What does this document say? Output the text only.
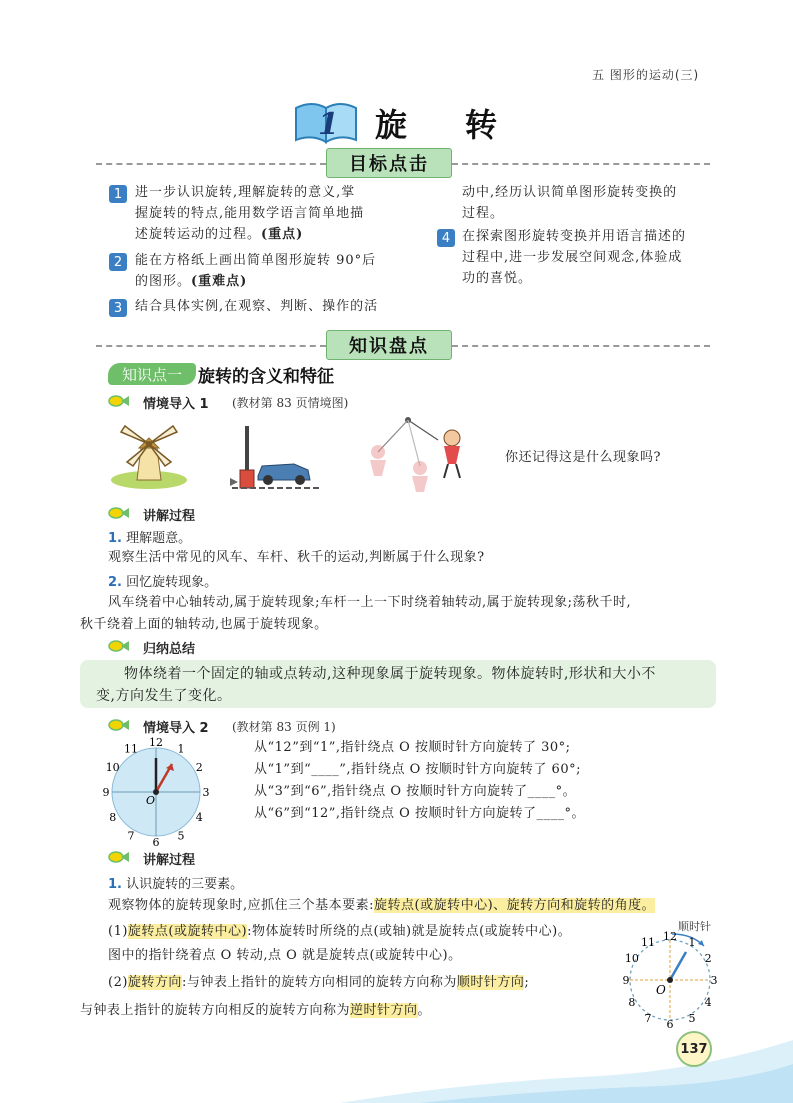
五 图形的运动(三)
1 旋转
目标点击
1 进一步认识旋转,理解旋转的意义,掌
握旋转的特点,能用数学语言简单地描
述旋转运动的过程。(重点)
2 能在方格纸上画出简单图形旋转 90°后
的图形。(重难点)
3 结合具体实例,在观察、判断、操作的活
动中,经历认识简单图形旋转变换的
过程。
4 在探索图形旋转变换并用语言描述的
过程中,进一步发展空间观念,体验成
功的喜悦。
知识盘点
知识点一 旋转的含义和特征
情境导入 1 (教材第 83 页情境图)
你还记得这是什么现象吗?
讲解过程
1. 理解题意。
观察生活中常见的风车、车杆、秋千的运动,判断属于什么现象?
2. 回忆旋转现象。
风车绕着中心轴转动,属于旋转现象;车杆一上一下时绕着轴转动,属于旋转现象;荡秋千时,
秋千绕着上面的轴转动,也属于旋转现象。
归纳总结
物体绕着一个固定的轴或点转动,这种现象属于旋转现象。物体旋转时,形状和大小不
变,方向发生了变化。
情境导入 2 (教材第 83 页例 1)
O
12
1
2
3
4
5
6
7
8
9
10
11	从“12”到“1”,指针绕点 O 按顺时针方向旋转了 30°;
从“1”到“____”,指针绕点 O 按顺时针方向旋转了 60°;
从“3”到“6”,指针绕点 O 按顺时针方向旋转了____°。
从“6”到“12”,指针绕点 O 按顺时针方向旋转了____°。
讲解过程
1. 认识旋转的三要素。
观察物体的旋转现象时,应抓住三个基本要素:旋转点(或旋转中心)、旋转方向和旋转的角度。
(1)旋转点(或旋转中心):物体旋转时所绕的点(或轴)就是旋转点(或旋转中心)。
图中的指针绕着点 O 转动,点 O 就是旋转点(或旋转中心)。
(2)旋转方向:与钟表上指针的旋转方向相同的旋转方向称为顺时针方向;
与钟表上指针的旋转方向相反的旋转方向称为逆时针方向。
顺时针
O
12 1
2
3
4
5
6
7
8
9
10
11
137
